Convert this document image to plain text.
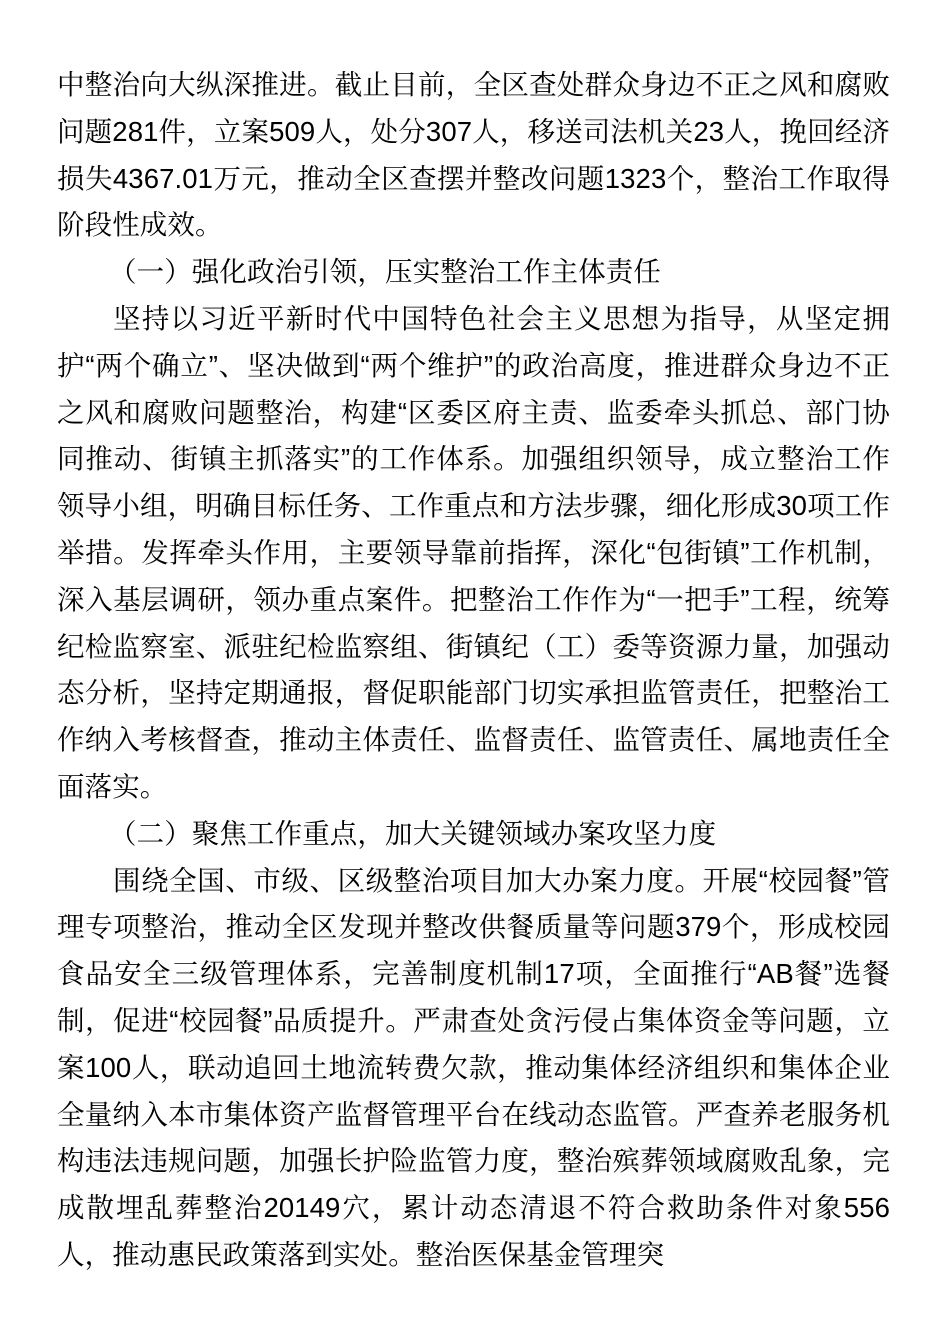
中整治向大纵深推进。截止目前，全区查处群众身边不正之风和腐败问题281件，立案509人，处分307人，移送司法机关23人，挽回经济损失4367.01万元，推动全区查摆并整改问题1323个，整治工作取得阶段性成效。

（一）强化政治引领，压实整治工作主体责任

坚持以习近平新时代中国特色社会主义思想为指导，从坚定拥护“两个确立”、坚决做到“两个维护”的政治高度，推进群众身边不正之风和腐败问题整治，构建“区委区府主责、监委牵头抓总、部门协同推动、街镇主抓落实”的工作体系。加强组织领导，成立整治工作领导小组，明确目标任务、工作重点和方法步骤，细化形成30项工作举措。发挥牵头作用，主要领导靠前指挥，深化“包街镇”工作机制，深入基层调研，领办重点案件。把整治工作作为“一把手”工程，统筹纪检监察室、派驻纪检监察组、街镇纪（工）委等资源力量，加强动态分析，坚持定期通报，督促职能部门切实承担监管责任，把整治工作纳入考核督查，推动主体责任、监督责任、监管责任、属地责任全面落实。

（二）聚焦工作重点，加大关键领域办案攻坚力度

围绕全国、市级、区级整治项目加大办案力度。开展“校园餐”管理专项整治，推动全区发现并整改供餐质量等问题379个，形成校园食品安全三级管理体系，完善制度机制17项，全面推行“AB餐”选餐制，促进“校园餐”品质提升。严肃查处贪污侵占集体资金等问题，立案100人，联动追回土地流转费欠款，推动集体经济组织和集体企业全量纳入本市集体资产监督管理平台在线动态监管。严查养老服务机构违法违规问题，加强长护险监管力度，整治殡葬领域腐败乱象，完成散埋乱葬整治20149穴，累计动态清退不符合救助条件对象556人，推动惠民政策落到实处。整治医保基金管理突
